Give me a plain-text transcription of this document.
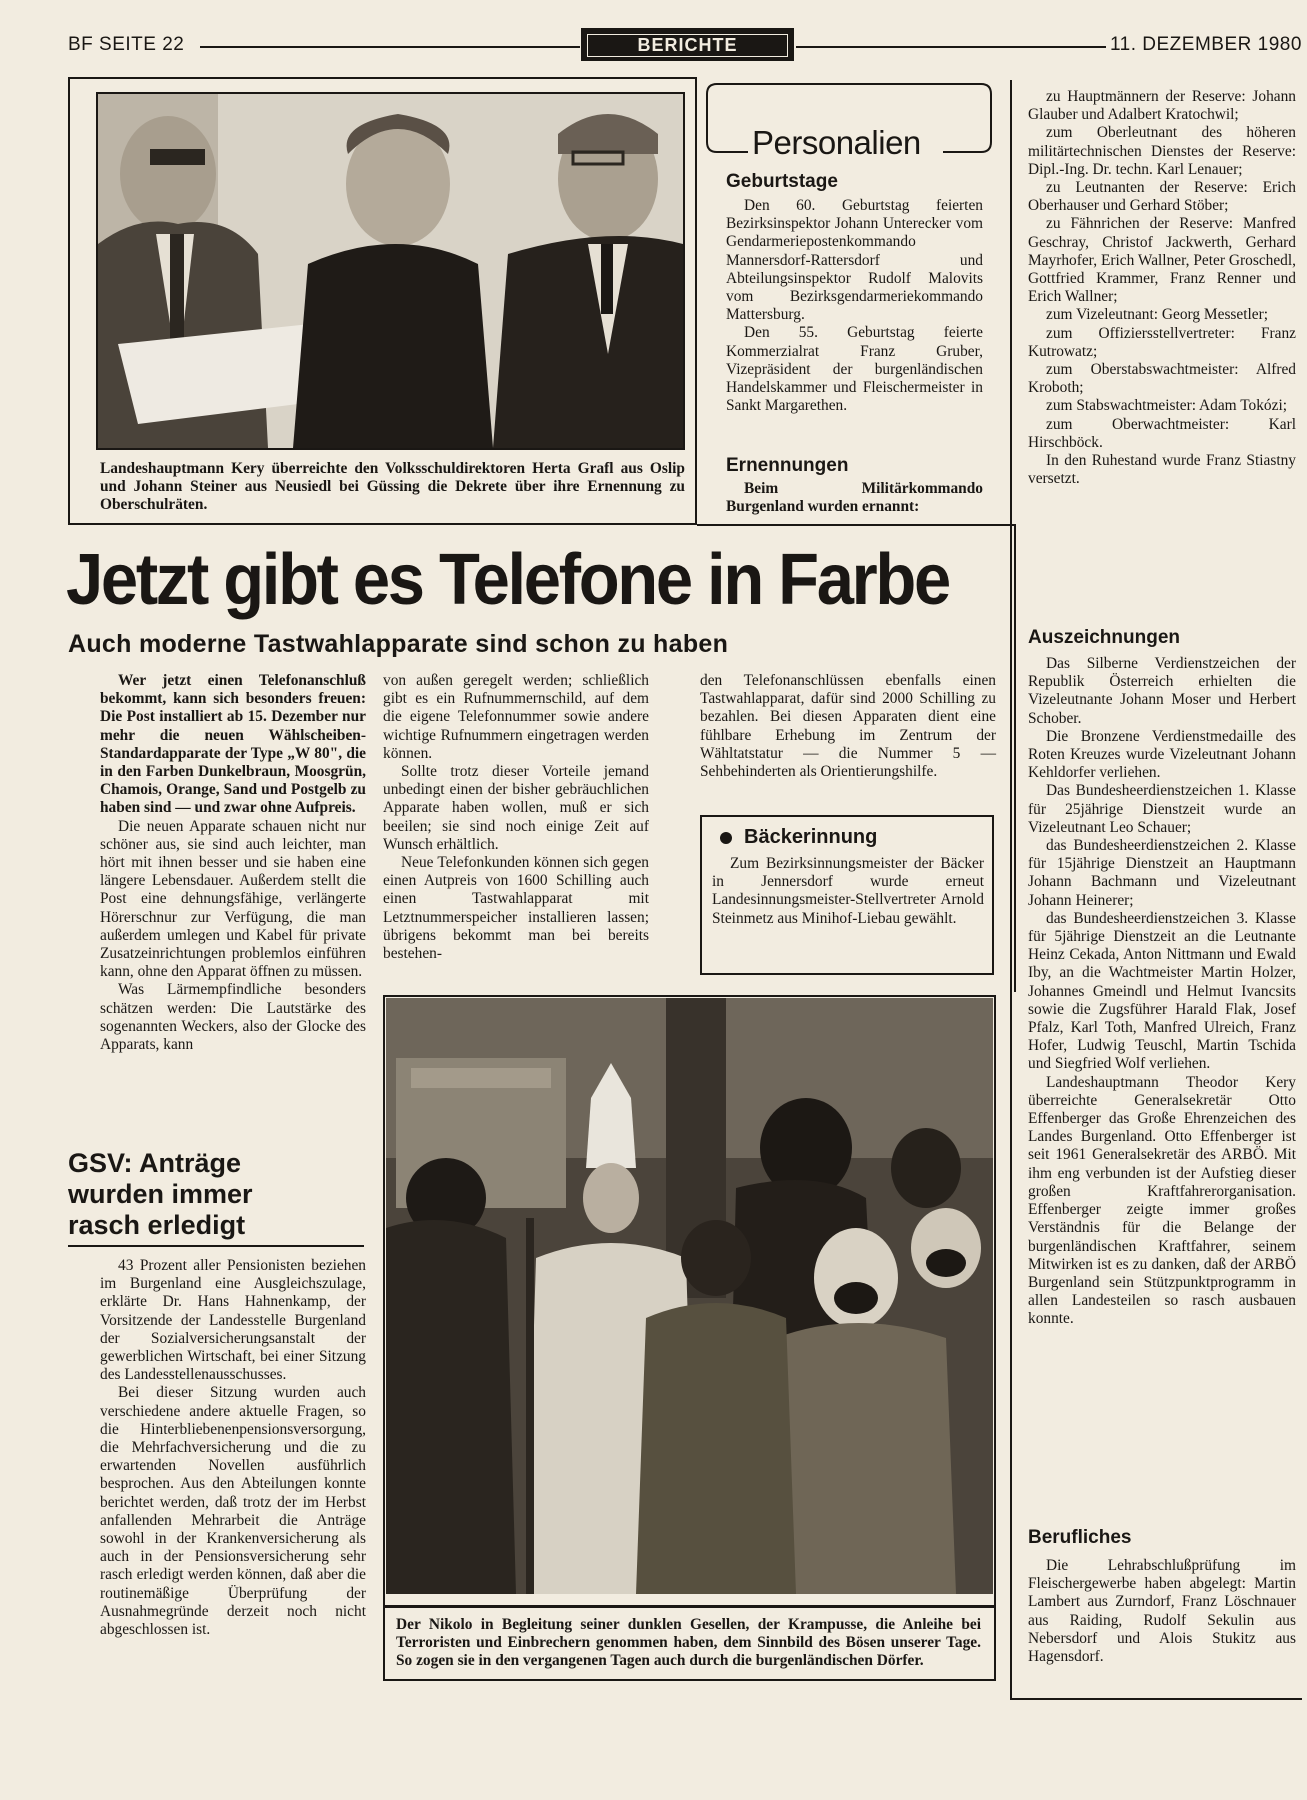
BF SEITE 22	BERICHTE	11. DEZEMBER 1980
Landeshauptmann Kery überreichte den Volksschuldirektoren Herta Grafl aus Oslip und Johann Steiner aus Neusiedl bei Güssing die Dekrete über ihre Ernennung zu Oberschulräten.
Personalien
Geburtstage

Den 60. Geburtstag feierten Bezirksinspektor Johann Unterecker vom Gendarmeriepostenkommando Mannersdorf-Rattersdorf und Abteilungsinspektor Rudolf Malovits vom Bezirksgendarmeriekommando Mattersburg.

Den 55. Geburtstag feierte Kommerzialrat Franz Gruber, Vizepräsident der burgenländischen Handelskammer und Fleischermeister in Sankt Margarethen.

Ernennungen

Beim Militärkommando Burgenland wurden ernannt:

Jetzt gibt es Telefone in Farbe
Auch moderne Tastwahlapparate sind schon zu haben

Wer jetzt einen Telefonanschluß bekommt, kann sich besonders freuen: Die Post installiert ab 15. Dezember nur mehr die neuen Wählscheiben-Standardapparate der Type „W 80", die in den Farben Dunkelbraun, Moosgrün, Chamois, Orange, Sand und Postgelb zu haben sind — und zwar ohne Aufpreis.

Die neuen Apparate schauen nicht nur schöner aus, sie sind auch leichter, man hört mit ihnen besser und sie haben eine längere Lebensdauer. Außerdem stellt die Post eine dehnungsfähige, verlängerte Hörerschnur zur Verfügung, die man außerdem umlegen und Kabel für private Zusatzeinrichtungen problemlos einführen kann, ohne den Apparat öffnen zu müssen.

Was Lärmempfindliche besonders schätzen werden: Die Lautstärke des sogenannten Weckers, also der Glocke des Apparats, kann

von außen geregelt werden; schließlich gibt es ein Rufnummernschild, auf dem die eigene Telefonnummer sowie andere wichtige Rufnummern eingetragen werden können.

Sollte trotz dieser Vorteile jemand unbedingt einen der bisher gebräuchlichen Apparate haben wollen, muß er sich beeilen; sie sind noch einige Zeit auf Wunsch erhältlich.

Neue Telefonkunden können sich gegen einen Autpreis von 1600 Schilling auch einen Tastwahlapparat mit Letztnummerspeicher installieren lassen; übrigens bekommt man bei bereits bestehen-

den Telefonanschlüssen ebenfalls einen Tastwahlapparat, dafür sind 2000 Schilling zu bezahlen. Bei diesen Apparaten dient eine fühlbare Erhebung im Zentrum der Wähltatstatur — die Nummer 5 — Sehbehinderten als Orientierungshilfe.

Bäckerinnung

Zum Bezirksinnungsmeister der Bäcker in Jennersdorf wurde erneut Landesinnungsmeister-Stellvertreter Arnold Steinmetz aus Minihof-Liebau gewählt.

GSV: Anträge
wurden immer
rasch erledigt

43 Prozent aller Pensionisten beziehen im Burgenland eine Ausgleichszulage, erklärte Dr. Hans Hahnenkamp, der Vorsitzende der Landesstelle Burgenland der Sozialversicherungsanstalt der gewerblichen Wirtschaft, bei einer Sitzung des Landesstellenausschusses.

Bei dieser Sitzung wurden auch verschiedene andere aktuelle Fragen, so die Hinterbliebenenpensionsversorgung, die Mehrfachversicherung und die zu erwartenden Novellen ausführlich besprochen. Aus den Abteilungen konnte berichtet werden, daß trotz der im Herbst anfallenden Mehrarbeit die Anträge sowohl in der Krankenversicherung als auch in der Pensionsversicherung sehr rasch erledigt werden können, daß aber die routinemäßige Überprüfung der Ausnahmegründe derzeit noch nicht abgeschlossen ist.	Der Nikolo in Begleitung seiner dunklen Gesellen, der Krampusse, die Anleihe bei Terroristen und Einbrechern genommen haben, dem Sinnbild des Bösen unserer Tage. So zogen sie in den vergangenen Tagen auch durch die burgenländischen Dörfer.

zu Hauptmännern der Reserve: Johann Glauber und Adalbert Kratochwil;

zum Oberleutnant des höheren militärtechnischen Dienstes der Reserve: Dipl.-Ing. Dr. techn. Karl Lenauer;

zu Leutnanten der Reserve: Erich Oberhauser und Gerhard Stöber;

zu Fähnrichen der Reserve: Manfred Geschray, Christof Jackwerth, Gerhard Mayrhofer, Erich Wallner, Peter Groschedl, Gottfried Krammer, Franz Renner und Erich Wallner;

zum Vizeleutnant: Georg Messetler;

zum Offiziersstellvertreter: Franz Kutrowatz;

zum Oberstabswachtmeister: Alfred Kroboth;

zum Stabswachtmeister: Adam Tokózi;

zum Oberwachtmeister: Karl Hirschböck.

In den Ruhestand wurde Franz Stiastny versetzt.

Auszeichnungen

Das Silberne Verdienstzeichen der Republik Österreich erhielten die Vizeleutnante Johann Moser und Herbert Schober.

Die Bronzene Verdienstmedaille des Roten Kreuzes wurde Vizeleutnant Johann Kehldorfer verliehen.

Das Bundesheerdienstzeichen 1. Klasse für 25jährige Dienstzeit wurde an Vizeleutnant Leo Schauer;

das Bundesheerdienstzeichen 2. Klasse für 15jährige Dienstzeit an Hauptmann Johann Bachmann und Vizeleutnant Johann Heinerer;

das Bundesheerdienstzeichen 3. Klasse für 5jährige Dienstzeit an die Leutnante Heinz Cekada, Anton Nittmann und Ewald Iby, an die Wachtmeister Martin Holzer, Johannes Gmeindl und Helmut Ivancsits sowie die Zugsführer Harald Flak, Josef Pfalz, Karl Toth, Manfred Ulreich, Franz Hofer, Ludwig Teuschl, Martin Tschida und Siegfried Wolf verliehen.

Landeshauptmann Theodor Kery überreichte Generalsekretär Otto Effenberger das Große Ehrenzeichen des Landes Burgenland. Otto Effenberger ist seit 1961 Generalsekretär des ARBÖ. Mit ihm eng verbunden ist der Aufstieg dieser großen Kraftfahrerorganisation. Effenberger zeigte immer großes Verständnis für die Belange der burgenländischen Kraftfahrer, seinem Mitwirken ist es zu danken, daß der ARBÖ Burgenland sein Stützpunktprogramm in allen Landesteilen so rasch ausbauen konnte.

Berufliches

Die Lehrabschlußprüfung im Fleischergewerbe haben abgelegt: Martin Lambert aus Zurndorf, Franz Löschnauer aus Raiding, Rudolf Sekulin aus Nebersdorf und Alois Stukitz aus Hagensdorf.
